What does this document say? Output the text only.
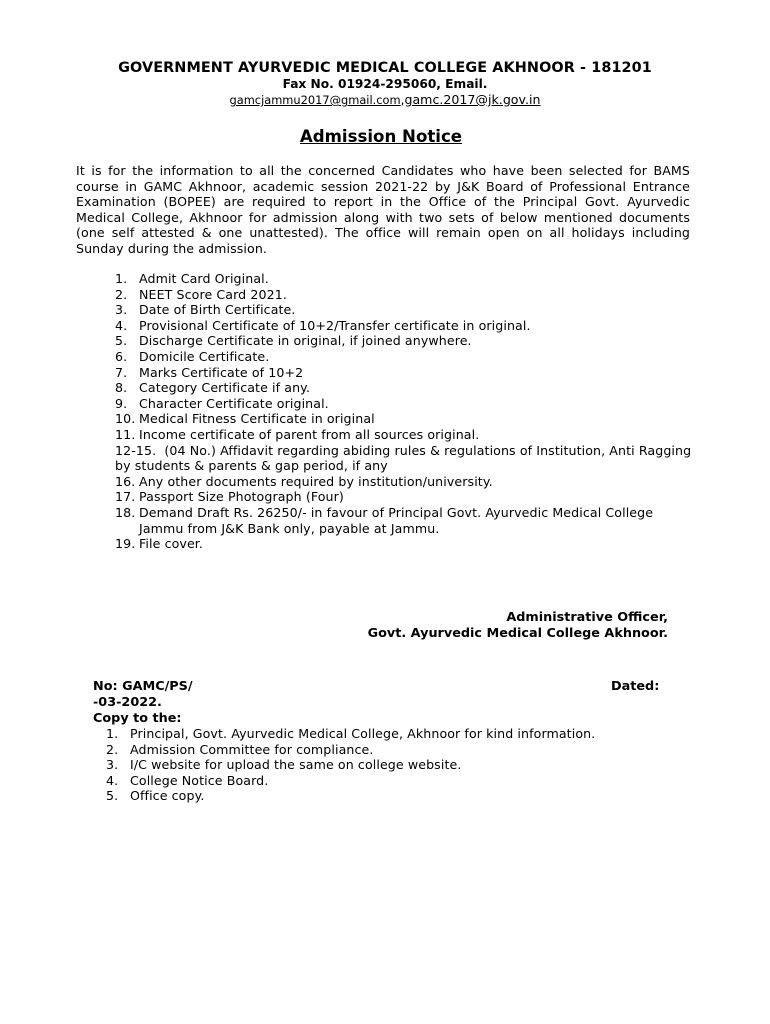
GOVERNMENT AYURVEDIC MEDICAL COLLEGE AKHNOOR - 181201
Fax No. 01924-295060, Email.
gamcjammu2017@gmail.com,gamc.2017@jk.gov.in
Admission Notice
It is for the information to all the concerned Candidates who have been selected for BAMS course in GAMC Akhnoor, academic session 2021-22 by J&K Board of Professional Entrance Examination (BOPEE) are required to report in the Office of the Principal Govt. Ayurvedic Medical College, Akhnoor for admission along with two sets of below mentioned documents (one self attested & one unattested). The office will remain open on all holidays including Sunday during the admission.
1. Admit Card Original.
2. NEET Score Card 2021.
3. Date of Birth Certificate.
4. Provisional Certificate of 10+2/Transfer certificate in original.
5. Discharge Certificate in original, if joined anywhere.
6. Domicile Certificate.
7. Marks Certificate of 10+2
8. Category Certificate if any.
9. Character Certificate original.
10. Medical Fitness Certificate in original
11. Income certificate of parent from all sources original.
12-15. (04 No.) Affidavit regarding abiding rules & regulations of Institution, Anti Ragging by students & parents & gap period, if any
16. Any other documents required by institution/university.
17. Passport Size Photograph (Four)
18. Demand Draft Rs. 26250/- in favour of Principal Govt. Ayurvedic Medical College Jammu from J&K Bank only, payable at Jammu.
19. File cover.
Administrative Officer,
Govt. Ayurvedic Medical College Akhnoor.
No: GAMC/PS/	Dated:
-03-2022.
Copy to the:
1. Principal, Govt. Ayurvedic Medical College, Akhnoor for kind information.
2. Admission Committee for compliance.
3. I/C website for upload the same on college website.
4. College Notice Board.
5. Office copy.
